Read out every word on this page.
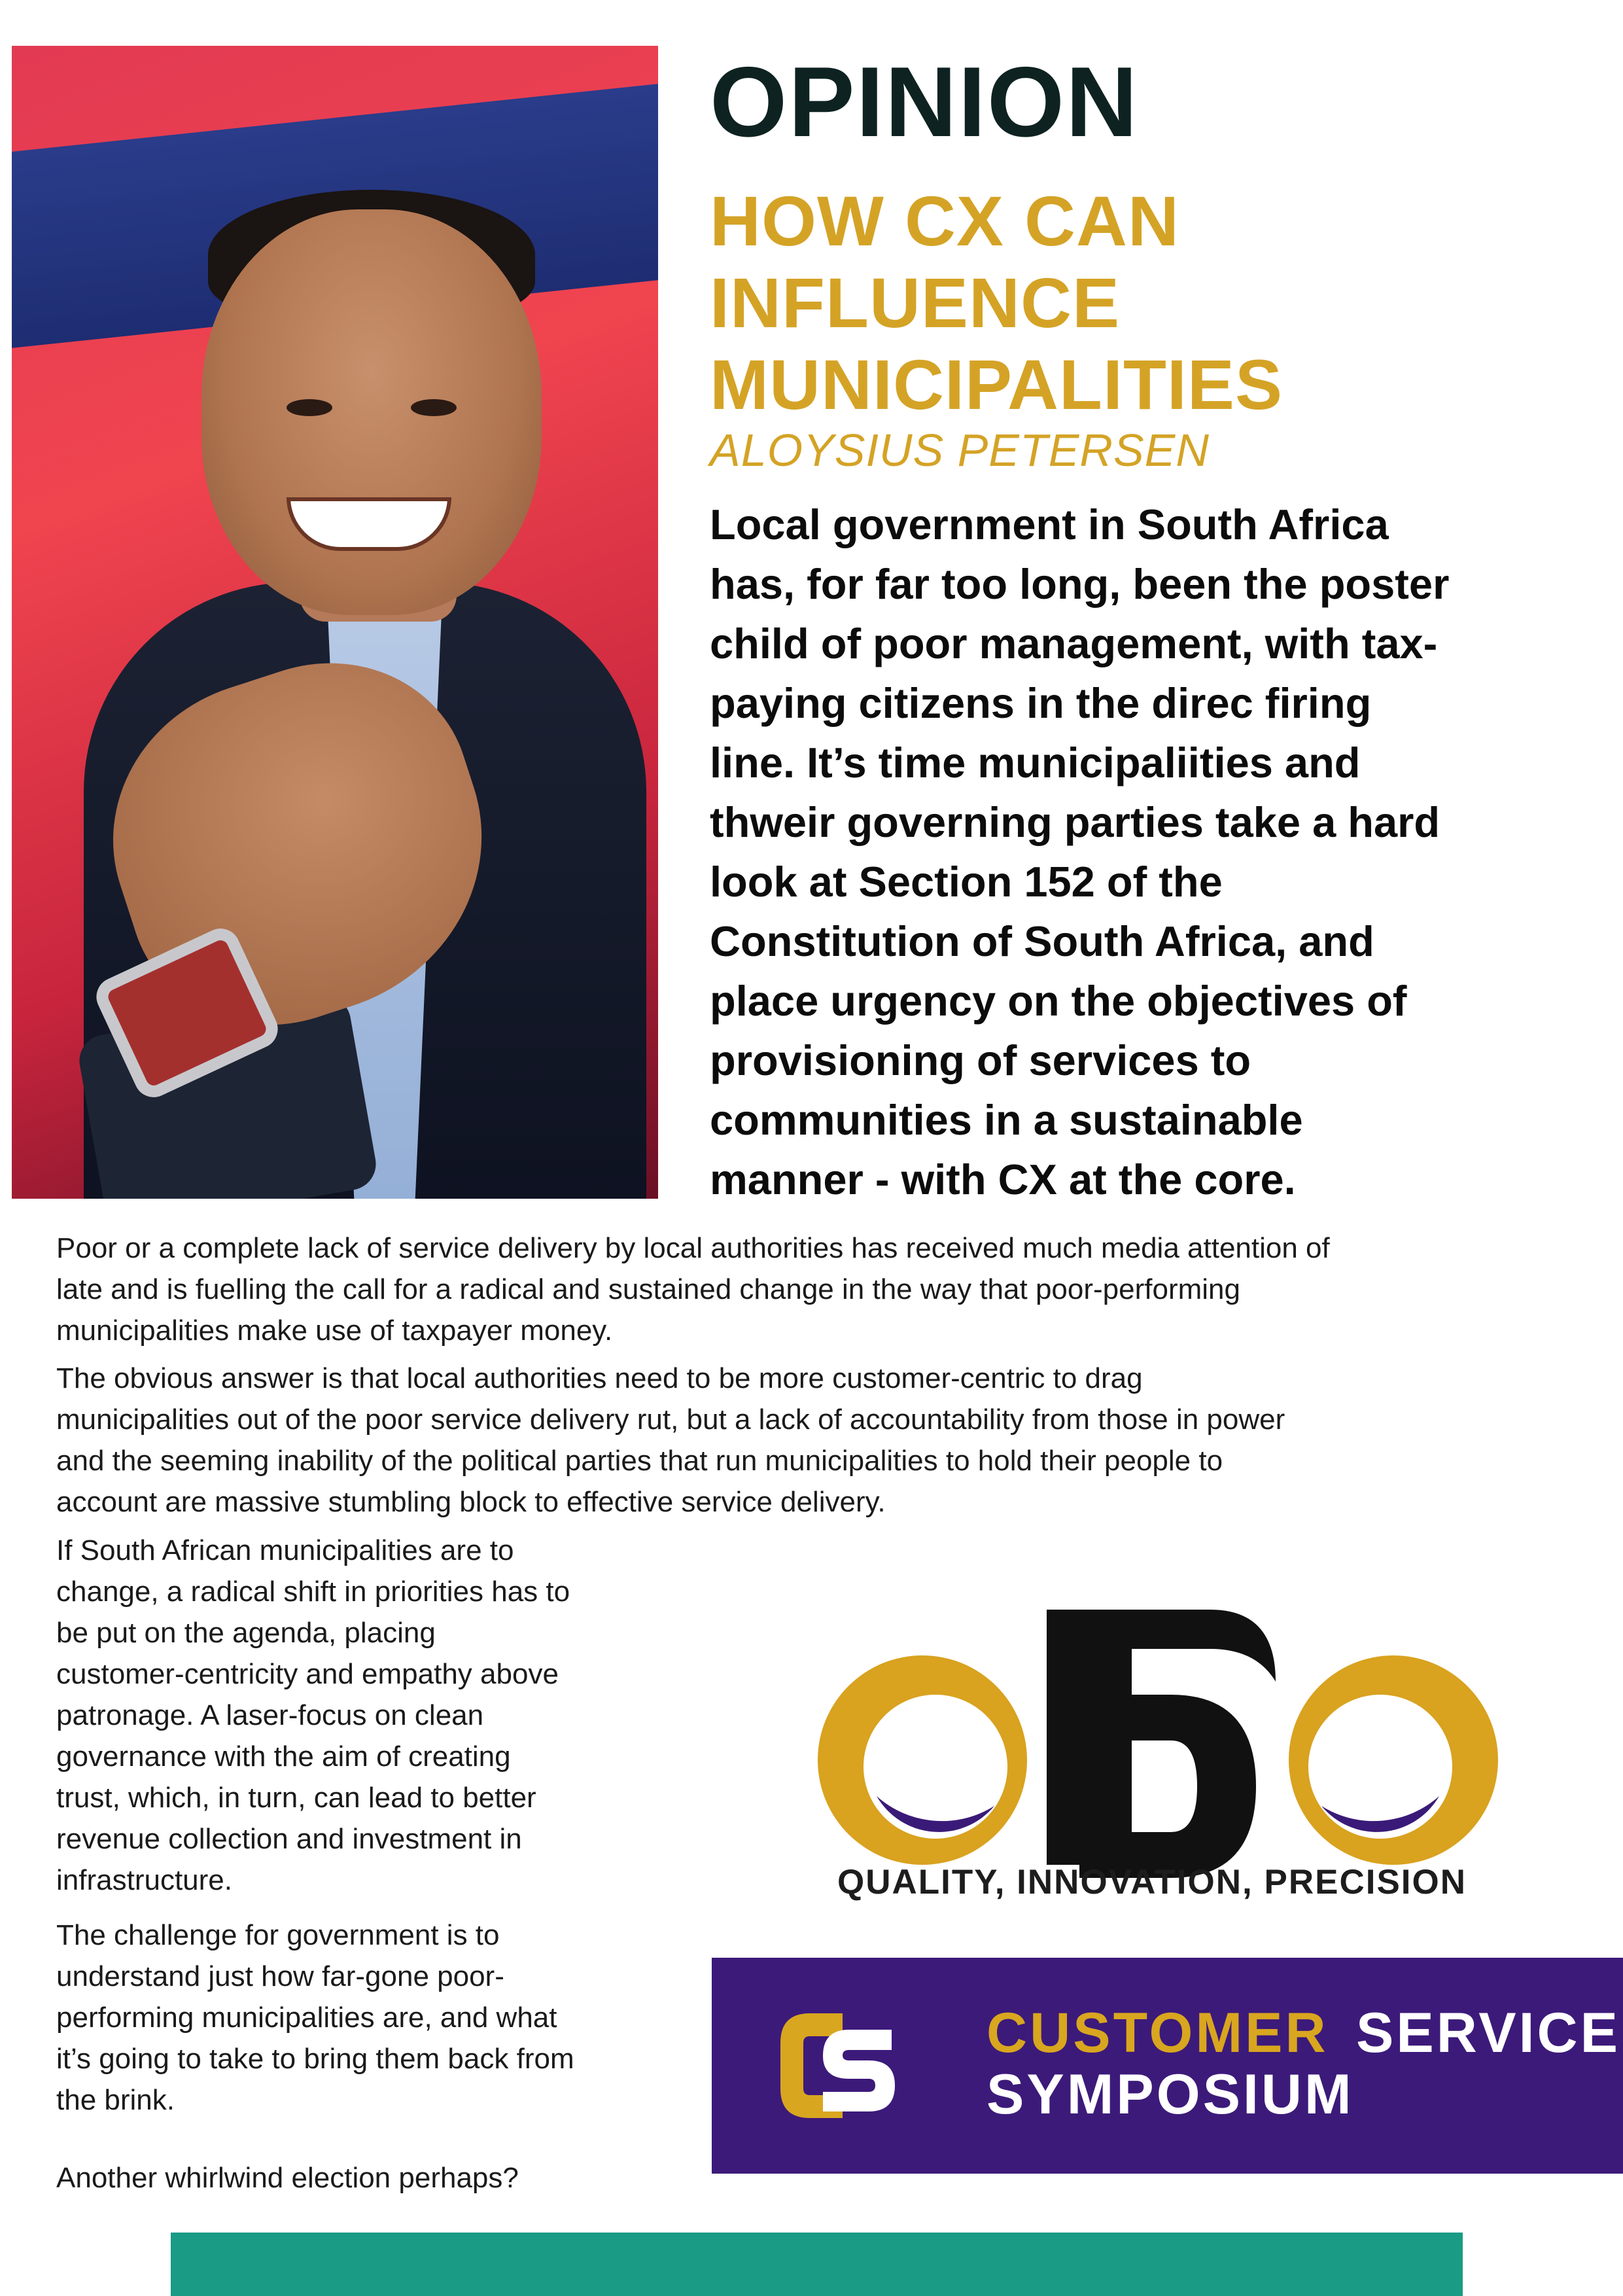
OPINION
HOW CX CAN
INFLUENCE
MUNICIPALITIES
ALOYSIUS PETERSEN
Local government in South Africa
has, for far too long, been the poster
child of poor management, with tax-
paying citizens in the direc firing
line. It’s time municipaliities and
thweir governing parties take a hard
look at Section 152 of the
Constitution of South Africa, and
place urgency on the objectives of
provisioning of services to
communities in a sustainable
manner - with CX at the core.
Poor or a complete lack of service delivery by local authorities has received much media attention of
late and is fuelling the call for a radical and sustained change in the way that poor-performing
municipalities make use of taxpayer money.
The obvious answer is that local authorities need to be more customer-centric to drag
municipalities out of the poor service delivery rut, but a lack of accountability from those in power
and the seeming inability of the political parties that run municipalities to hold their people to
account are massive stumbling block to effective service delivery.
If South African municipalities are to
change, a radical shift in priorities has to
be put on the agenda, placing
customer-centricity and empathy above
patronage. A laser-focus on clean
governance with the aim of creating
trust, which, in turn, can lead to better
revenue collection and investment in
infrastructure.
The challenge for government is to
understand just how far-gone poor-
performing municipalities are, and what
it’s going to take to bring them back from
the brink.
Another whirlwind election perhaps?
QUALITY, INNOVATION, PRECISION
CUSTOMER SERVICE
SYMPOSIUM
